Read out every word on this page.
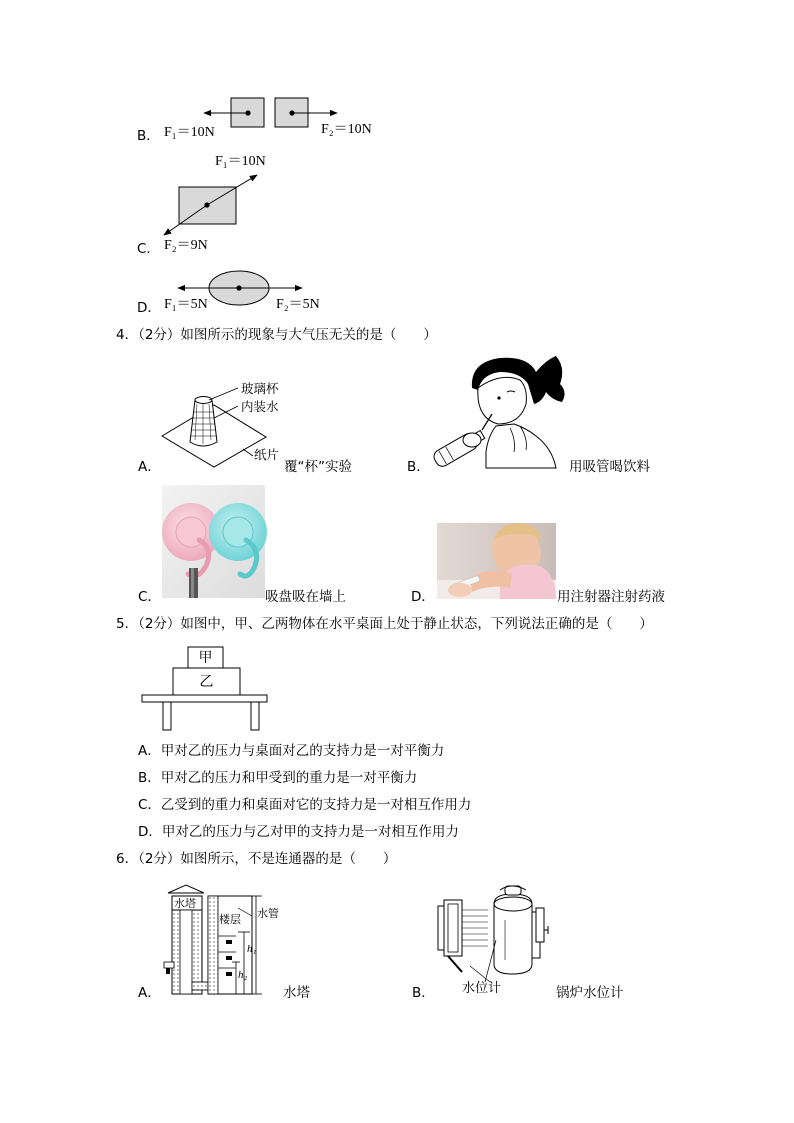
B． F₁＝10N	F₂＝10N
F₁＝10N
C． F₂＝9N
D． F₁＝5N	F₂＝5N
4．（2分）如图所示的现象与大气压无关的是（　　）
玻璃杯
内装水
纸片
A．	覆“杯”实验	B．	用吸管喝饮料
C．	吸盘吸在墙上	D．	用注射器注射药液
5．（2分）如图中，甲、乙两物体在水平桌面上处于静止状态，下列说法正确的是（　　）
甲
乙
A．甲对乙的压力与桌面对乙的支持力是一对平衡力
B．甲对乙的压力和甲受到的重力是一对平衡力
C．乙受到的重力和桌面对它的支持力是一对相互作用力
D．甲对乙的压力与乙对甲的支持力是一对相互作用力
6．（2分）如图所示，不是连通器的是（　　）
水塔
楼层 水管
h₁
h₂
A．	水塔	水位计
B．	锅炉水位计
